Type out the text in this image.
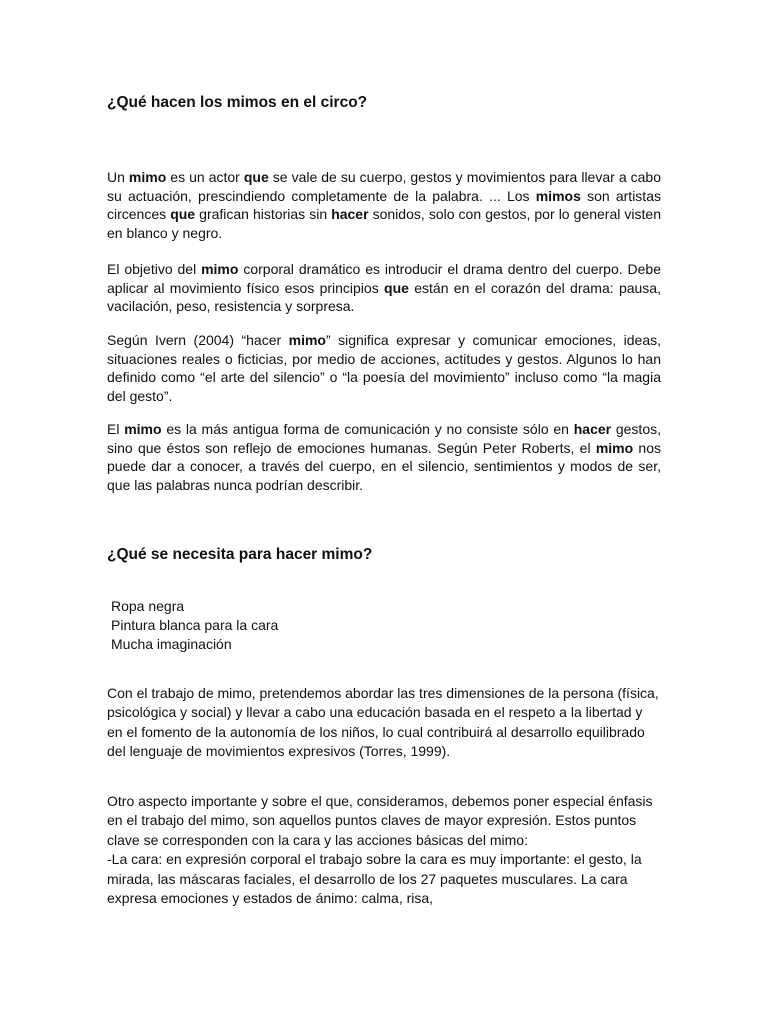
¿Qué hacen los mimos en el circo?

Un mimo es un actor que se vale de su cuerpo, gestos y movimientos para llevar a cabo su actuación, prescindiendo completamente de la palabra. ... Los mimos son artistas circences que grafican historias sin hacer sonidos, solo con gestos, por lo general visten en blanco y negro.

El objetivo del mimo corporal dramático es introducir el drama dentro del cuerpo. Debe aplicar al movimiento físico esos principios que están en el corazón del drama: pausa, vacilación, peso, resistencia y sorpresa.

Según Ivern (2004) “hacer mimo” significa expresar y comunicar emociones, ideas, situaciones reales o ficticias, por medio de acciones, actitudes y gestos. Algunos lo han definido como “el arte del silencio” o “la poesía del movimiento” incluso como “la magia del gesto”.

El mimo es la más antigua forma de comunicación y no consiste sólo en hacer gestos, sino que éstos son reflejo de emociones humanas. Según Peter Roberts, el mimo nos puede dar a conocer, a través del cuerpo, en el silencio, sentimientos y modos de ser, que las palabras nunca podrían describir.

¿Qué se necesita para hacer mimo?
Ropa negra
Pintura blanca para la cara
Mucha imaginación

Con el trabajo de mimo, pretendemos abordar las tres dimensiones de la persona (física, psicológica y social) y llevar a cabo una educación basada en el respeto a la libertad y en el fomento de la autonomía de los niños, lo cual contribuirá al desarrollo equilibrado del lenguaje de movimientos expresivos (Torres, 1999).

Otro aspecto importante y sobre el que, consideramos, debemos poner especial énfasis en el trabajo del mimo, son aquellos puntos claves de mayor expresión. Estos puntos clave se corresponden con la cara y las acciones básicas del mimo:
-La cara: en expresión corporal el trabajo sobre la cara es muy importante: el gesto, la mirada, las máscaras faciales, el desarrollo de los 27 paquetes musculares. La cara expresa emociones y estados de ánimo: calma, risa,
